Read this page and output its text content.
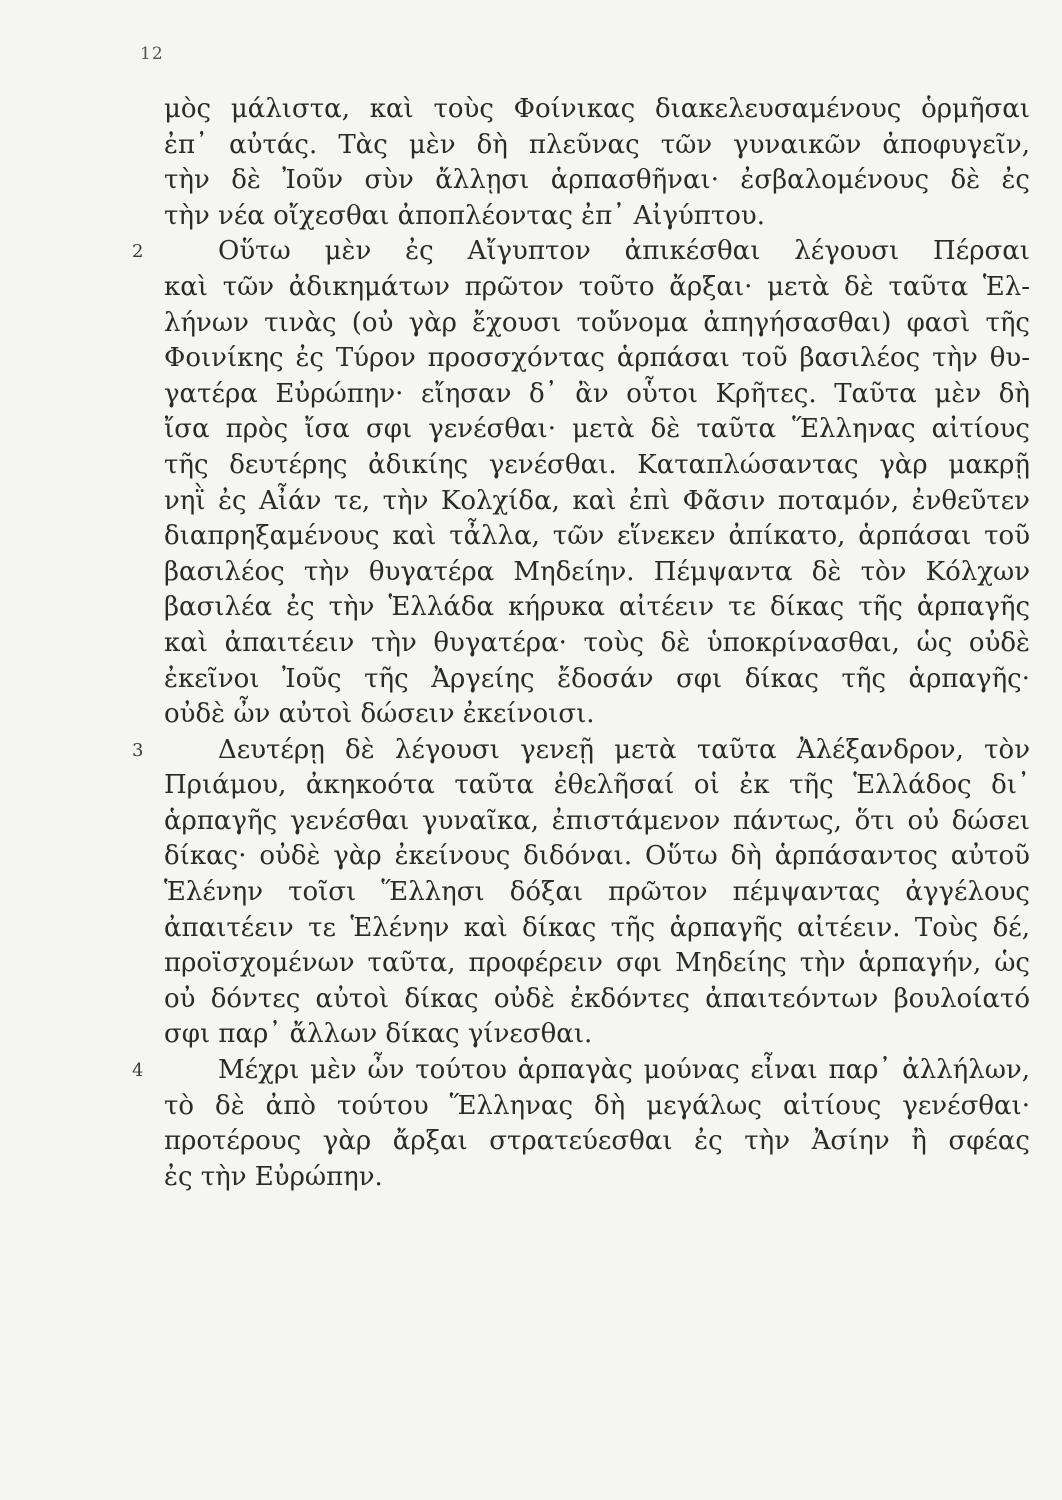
12
μὸς μάλιστα, καὶ τοὺς Φοίνικας διακελευσαμένους ὁρμῆσαι
ἐπ᾽ αὐτάς. Τὰς μὲν δὴ πλεῦνας τῶν γυναικῶν ἀποφυγεῖν,
τὴν δὲ Ἰοῦν σὺν ἄλλῃσι ἁρπασθῆναι· ἐσβαλομένους δὲ ἐς
τὴν νέα οἴχεσθαι ἀποπλέοντας ἐπ᾽ Αἰγύπτου.
2	Οὕτω μὲν ἐς Αἴγυπτον ἀπικέσθαι λέγουσι Πέρσαι
καὶ τῶν ἀδικημάτων πρῶτον τοῦτο ἄρξαι· μετὰ δὲ ταῦτα Ἑλ-
λήνων τινὰς (οὐ γὰρ ἔχουσι τοὔνομα ἀπηγήσασθαι) φασὶ τῆς
Φοινίκης ἐς Τύρον προσσχόντας ἁρπάσαι τοῦ βασιλέος τὴν θυ-
γατέρα Εὐρώπην· εἴησαν δ᾽ ἂν οὗτοι Κρῆτες. Ταῦτα μὲν δὴ
ἴσα πρὸς ἴσα σφι γενέσθαι· μετὰ δὲ ταῦτα Ἕλληνας αἰτίους
τῆς δευτέρης ἀδικίης γενέσθαι. Καταπλώσαντας γὰρ μακρῇ
νηῒ ἐς Αἶάν τε, τὴν Κολχίδα, καὶ ἐπὶ Φᾶσιν ποταμόν, ἐνθεῦτεν
διαπρηξαμένους καὶ τἆλλα, τῶν εἵνεκεν ἀπίκατο, ἁρπάσαι τοῦ
βασιλέος τὴν θυγατέρα Μηδείην. Πέμψαντα δὲ τὸν Κόλχων
βασιλέα ἐς τὴν Ἑλλάδα κήρυκα αἰτέειν τε δίκας τῆς ἁρπαγῆς
καὶ ἀπαιτέειν τὴν θυγατέρα· τοὺς δὲ ὑποκρίνασθαι, ὡς οὐδὲ
ἐκεῖνοι Ἰοῦς τῆς Ἀργείης ἔδοσάν σφι δίκας τῆς ἁρπαγῆς·
οὐδὲ ὦν αὐτοὶ δώσειν ἐκείνοισι.
3	Δευτέρῃ δὲ λέγουσι γενεῇ μετὰ ταῦτα Ἀλέξανδρον, τὸν
Πριάμου, ἀκηκοότα ταῦτα ἐθελῆσαί οἱ ἐκ τῆς Ἑλλάδος δι᾽
ἁρπαγῆς γενέσθαι γυναῖκα, ἐπιστάμενον πάντως, ὅτι οὐ δώσει
δίκας· οὐδὲ γὰρ ἐκείνους διδόναι. Οὕτω δὴ ἁρπάσαντος αὐτοῦ
Ἑλένην τοῖσι Ἕλλησι δόξαι πρῶτον πέμψαντας ἀγγέλους
ἀπαιτέειν τε Ἑλένην καὶ δίκας τῆς ἁρπαγῆς αἰτέειν. Τοὺς δέ,
προϊσχομένων ταῦτα, προφέρειν σφι Μηδείης τὴν ἁρπαγήν, ὡς
οὐ δόντες αὐτοὶ δίκας οὐδὲ ἐκδόντες ἀπαιτεόντων βουλοίατό
σφι παρ᾽ ἄλλων δίκας γίνεσθαι.
4	Μέχρι μὲν ὦν τούτου ἁρπαγὰς μούνας εἶναι παρ᾽ ἀλλήλων,
τὸ δὲ ἀπὸ τούτου Ἕλληνας δὴ μεγάλως αἰτίους γενέσθαι·
προτέρους γὰρ ἄρξαι στρατεύεσθαι ἐς τὴν Ἀσίην ἢ σφέας
ἐς τὴν Εὐρώπην.
